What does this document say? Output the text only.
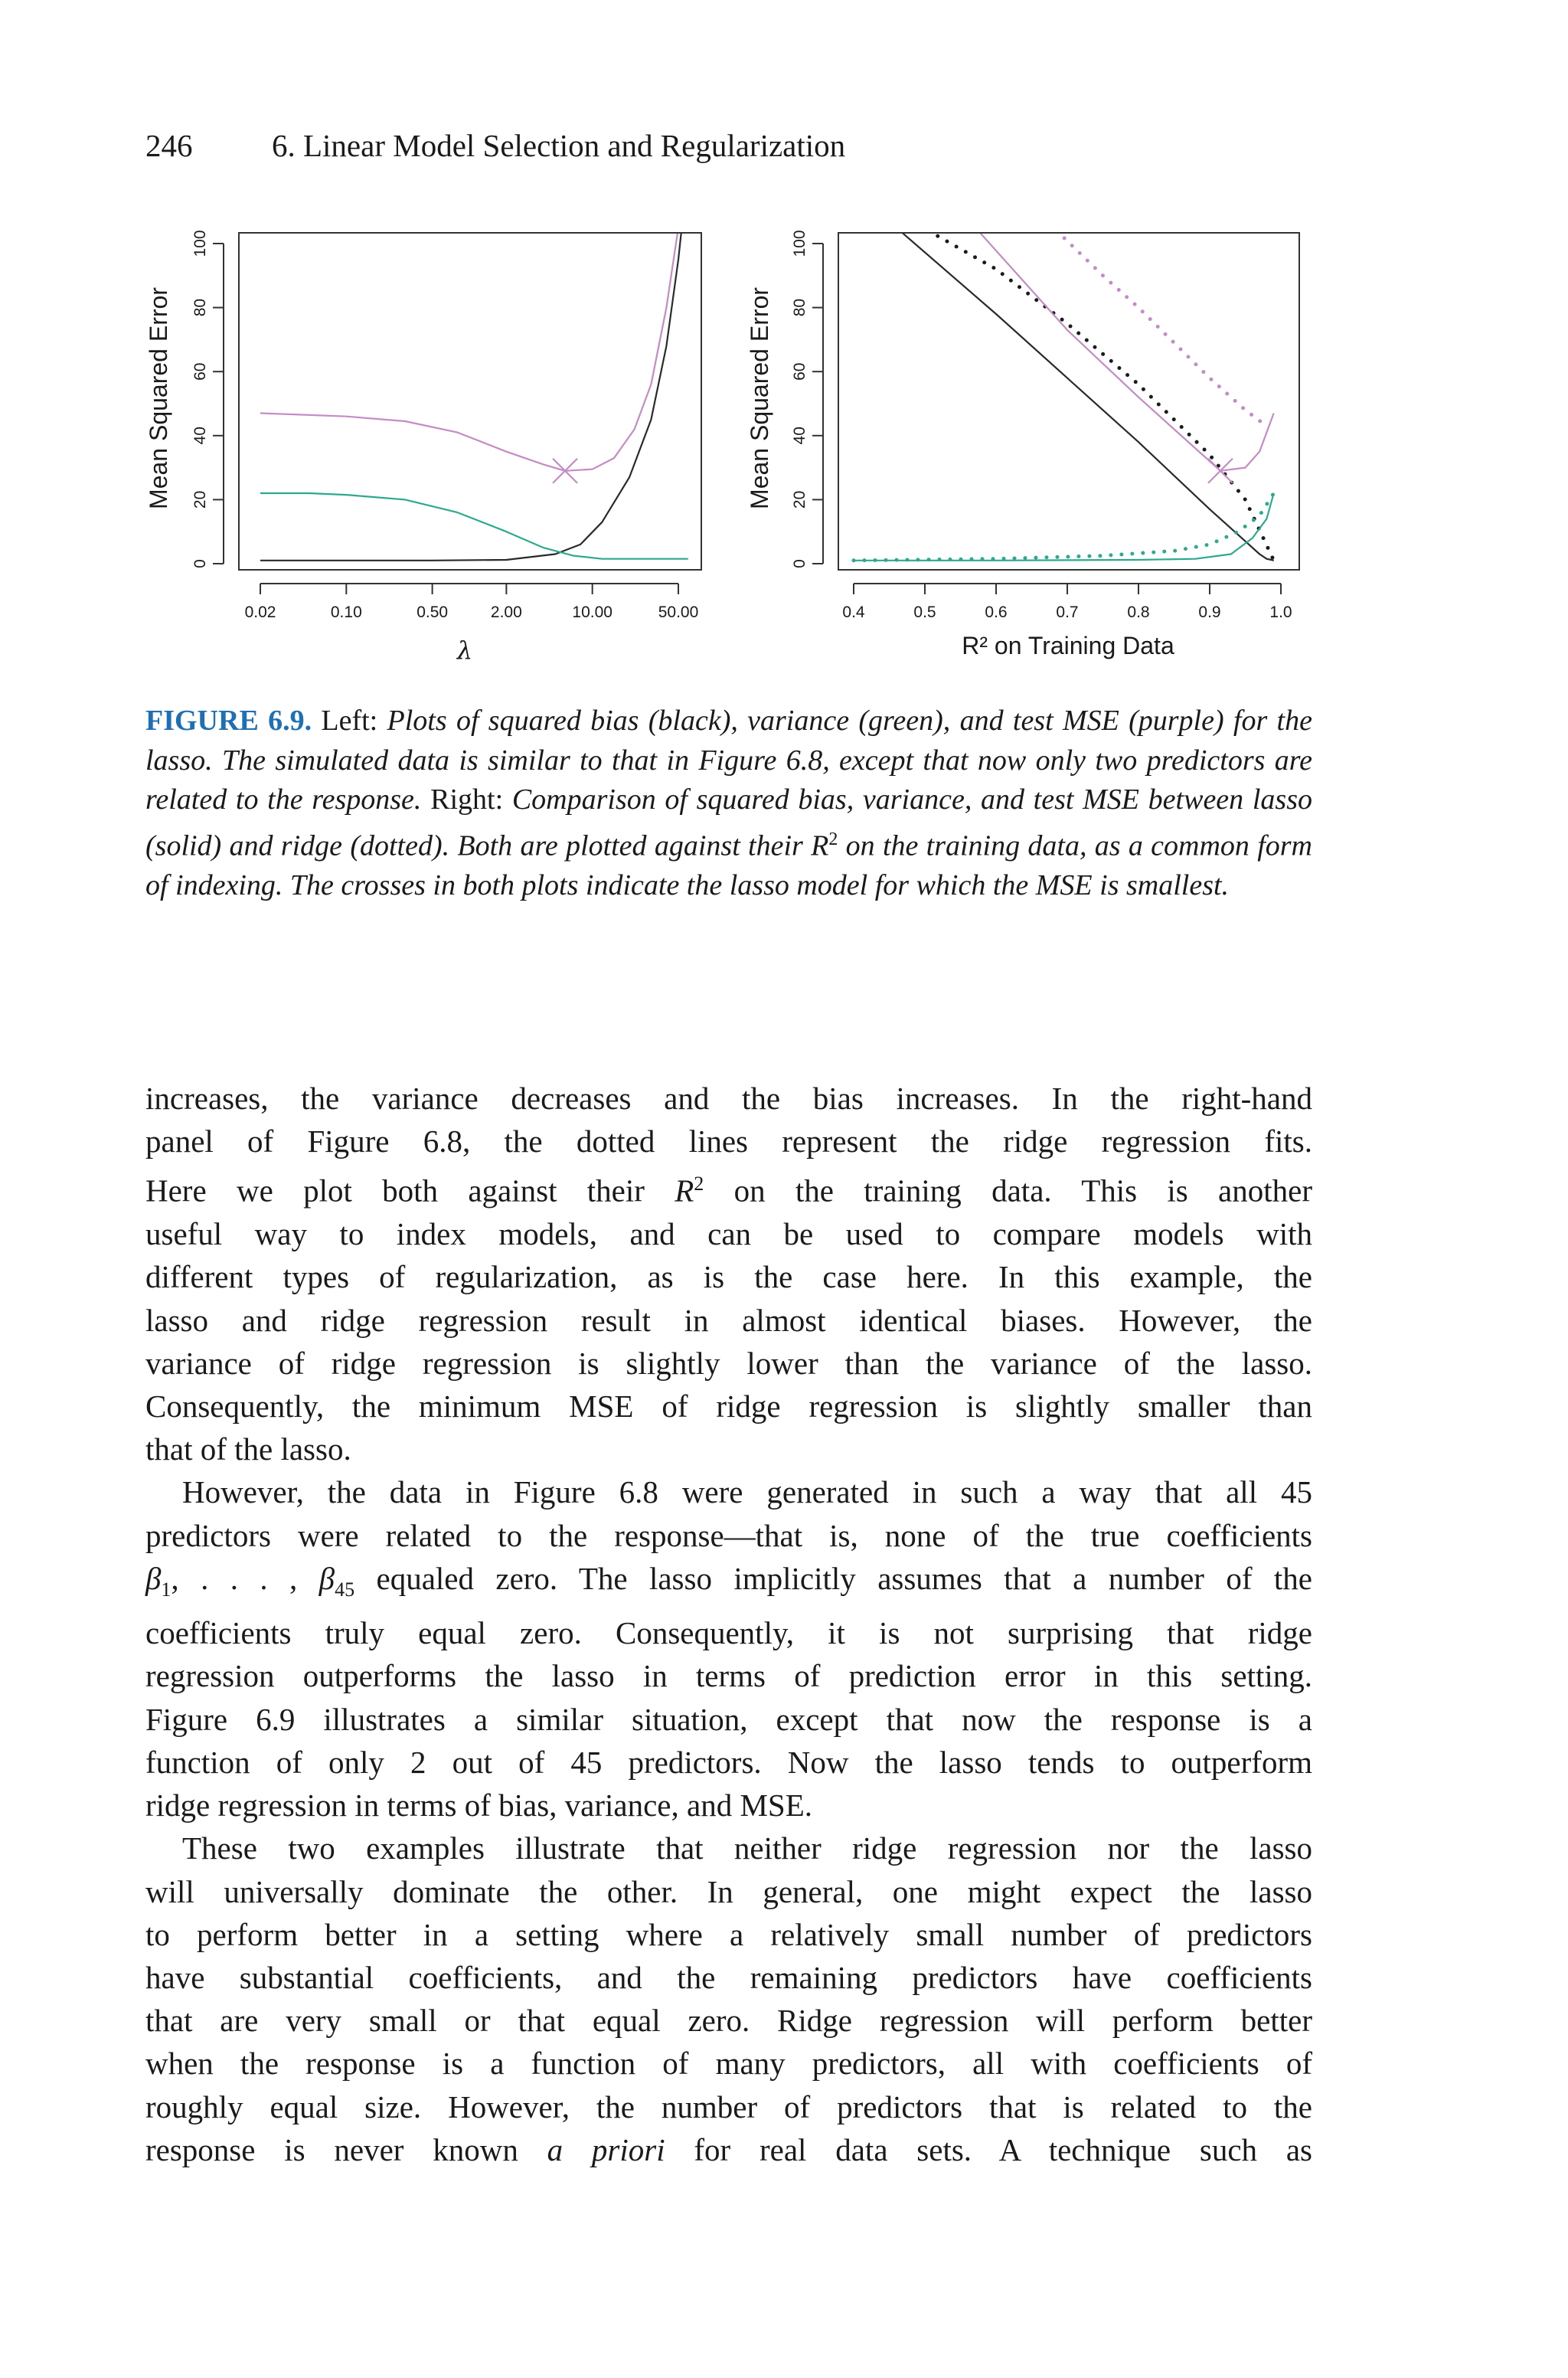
246	6. Linear Model Selection and Regularization
0
20
40
60
80
100
0.02	0.10	0.50	2.00	10.00	50.00
Mean Squared Error
λ
0
20
40
60
80
100
0.4	0.5	0.6	0.7	0.8	0.9	1.0
Mean Squared Error
R² on Training Data
FIGURE 6.9. Left: Plots of squared bias (black), variance (green), and test MSE (purple) for the lasso. The simulated data is similar to that in Figure 6.8, except that now only two predictors are related to the response. Right: Comparison of squared bias, variance, and test MSE between lasso (solid) and ridge (dotted). Both are plotted against their $R^2$ on the training data, as a common form of indexing. The crosses in both plots indicate the lasso model for which the MSE is smallest.

increases, the variance decreases and the bias increases. In the right-hand

panel of Figure 6.8, the dotted lines represent the ridge regression fits.

Here we plot both against their $R^2$ on the training data. This is another

useful way to index models, and can be used to compare models with

different types of regularization, as is the case here. In this example, the

lasso and ridge regression result in almost identical biases. However, the

variance of ridge regression is slightly lower than the variance of the lasso.

Consequently, the minimum MSE of ridge regression is slightly smaller than

that of the lasso.

However, the data in Figure 6.8 were generated in such a way that all 45

predictors were related to the response—that is, none of the true coefficients

$\beta_1$, . . . , $\beta_{45}$ equaled zero. The lasso implicitly assumes that a number of the

coefficients truly equal zero. Consequently, it is not surprising that ridge

regression outperforms the lasso in terms of prediction error in this setting.

Figure 6.9 illustrates a similar situation, except that now the response is a

function of only 2 out of 45 predictors. Now the lasso tends to outperform

ridge regression in terms of bias, variance, and MSE.

These two examples illustrate that neither ridge regression nor the lasso

will universally dominate the other. In general, one might expect the lasso

to perform better in a setting where a relatively small number of predictors

have substantial coefficients, and the remaining predictors have coefficients

that are very small or that equal zero. Ridge regression will perform better

when the response is a function of many predictors, all with coefficients of

roughly equal size. However, the number of predictors that is related to the

response is never known a priori for real data sets. A technique such as
